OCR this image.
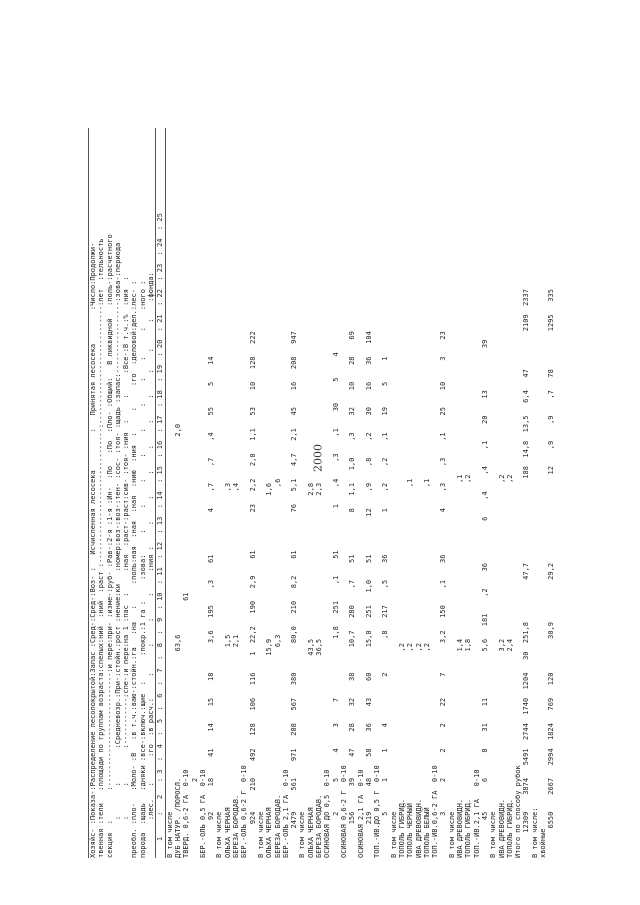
2000
Хозяйс- :Показа-:Распределение лесопокрытой:Запас :Сред-:Сред-:Воз- :   Исчисленная лесосека         :   Принятая лесосека        :Число:Продолжи-
твенная :тели   :площади по группам возраста:спелых:ний  :ний  :раст :--------------------------------:----------------------------:лет  :тельность
секция  :       :---------------------------:и пере:при- :изме-:руб- :Рав-:2-я :1-я :Ин-  :По   :По  :Пло- :Общий:   В ликвидной   :поль-:расчетного
:       :        :Средневозр.:При-:стойн.:рост :нение:ки   :номер:воз-:воз-:тен- :сос- :тоя- :щадь :запас:-----------------:зова-:периода
:       :        :-----------:спе-:и пере:на 1 :пас  :     :ная  :раст-:раст:сив- :тоя- :ния  :     :     :Все-:В т.ч.:%  :ния  :
преобл. :пло-   :Моло- :В   :в т.ч.:ваю-:стойн.:га   :на   :     :поль:ная  :ная  :ная  :нию  :ния  :     :     :го  :деловой:дел.:лес- :
порода  :щадь   :дняки :все-:включ.:щие  :      :покр.:1 га :     :зова:     :     :     :     :     :     :     :    :      :    :ного :
:лес.   :      :го  :в расч.:     :      :     :     :     :ния :     :     :     :     :     :     :     :    :      :    :фонда: 1     :   2   : 3  :  4  :  5  :  6  :  7  :  8  :  9  : 10  : 11  : 12  : 13  : 14  : 15  : 16  : 17  : 18  : 19  : 20  : 21  : 22  : 23  : 24  : 25 В том числе
ДУБ НАТУР. /ПОРОСЛ.                              63,6                                               2,0
ТВЕРД. 0,6-2 ГА  0-10                                        61
2
БЕР.-ОЛЬ 0,5 ГА  0-10
92      18     41    14    15    18       3,6   195    ,3    61          4    ,7    ,7    ,4    55     5    14
В том числе
ОЛЬХА ЧЕРНАЯ                                      1,5                                  ,3
БЕРЕЗА БОРОДАВ.                                   2,1                                  ,4
БЕР.-ОЛЬ 0,6-2 Г  0-10
924     210    492   128   106   116    1  22,2   190   2,9    61         23   2,2   2,0   1,1   53    10   128   222
В том числе
ОЛЬХА ЧЕРНАЯ                                    15,9                                  1,6
БЕРЕЗА БОРОДАВ.                                   6,3                                   ,6
БЕР.-ОЛЬ 2,1 ГА  0-10
2479     561    971   208   567   380       80,0   210   8,2    61         76   5,1   4,7   2,1   45    16   208   947
В том числе
ОЛЬХА ЧЕРНАЯ                                    43,5                                  2,8
БЕРЕЗА БОРОДАВ.                                 36,5                                  2,3
ОСИНОВАЯ ДО 0,5  0-10
2       5      4     3     7              1,8   251    ,1    51          1    ,4    ,3    ,1    30     5     4
ОСИНОВАЯ 0,6-2 Г  0-10
156      39     47    28    32    38      10,7   280    ,7    51          8   1,1   1,0    ,3    32    10    28    69
ОСИНОВАЯ 2,1 ГА  0-10
219      48     58    36    43    60      15,0   251   1,0    51         12    ,9    ,8    ,2    30    16    36   104
ТОП.-ИВ.ДО 0,5 Г  0-10
5       1      1     4           2        ,8   217    ,5    36          1    ,2    ,2    ,1    19     5     1
В том числе
ТОПОЛЬ ГИБРИД.                                   ,2
ТОПОЛЬ ЧЕРНЫЙ                                    ,2                                     ,1
ИВА ДРЕВОВИДН.                                   ,2
ТОПОЛЬ БЕЛЫЙ                                     ,2                                     ,1
ТОП.-ИВ.0,6-2 ГА  0-10
3       2      2     2    22     7       3,2   150    ,1    36          4    ,3    ,3    ,1    25    10     3    23
В том числе
ИВА ДРЕВОВИДН.                                   1,4                                     ,1
ТОПОЛЬ ГИБРИД.                                   1,8                                     ,2
ТОП.-ИВ.2,1 ГА   0-10
45       6      8    31    11           5,6   181    ,2    36          6    ,4    ,4    ,1    20    13          39
В том числе
ИВА ДРЕВОВИДН.                                   3,2                                     ,2
ТОПОЛЬ ГИБРИД.                                   2,4                                     ,2
Итого по способу рубок
12309    3874   5491  2744  1740  1204   30  251,8          47,7                    188  14,8  13,5   6,4   47         2109  2337
В том числе:
хвойные
6550    2667   2994  1824   769   120        30,9          29,2                     12    ,9    ,9    ,7   78         1295   335
